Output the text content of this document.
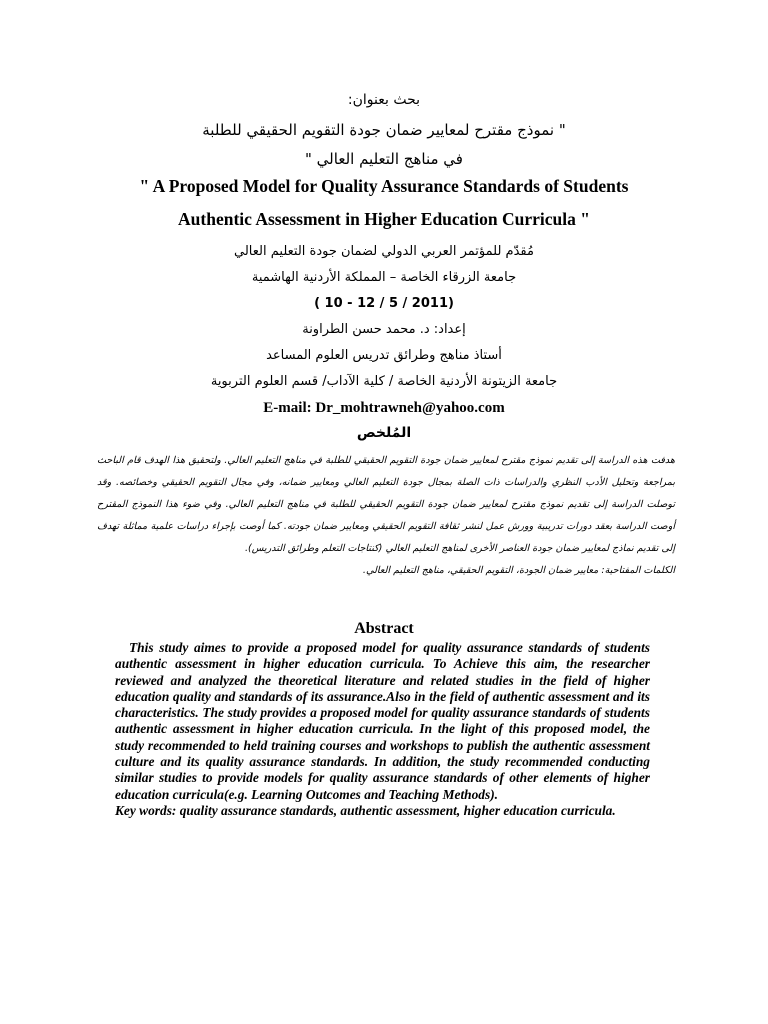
بحث بعنوان:
" نموذج مقترح لمعايير ضمان جودة التقويم الحقيقي للطلبة
في مناهج التعليم العالي "
" A Proposed Model for Quality Assurance Standards of Students
Authentic Assessment in Higher Education Curricula "
مُقدّم للمؤتمر العربي الدولي لضمان جودة التعليم العالي
جامعة الزرقاء الخاصة – المملكة الأردنية الهاشمية
( 10 - 12 / 5 / 2011)
إعداد: د. محمد حسن الطراونة
أستاذ مناهج وطرائق تدريس العلوم المساعد
جامعة الزيتونة الأردنية الخاصة / كلية الآداب/ قسم العلوم التربوية
E-mail: Dr_mohtrawneh@yahoo.com
المُلخص

هدفت هذه الدراسة إلى تقديم نموذج مقترح لمعايير ضمان جودة التقويم الحقيقي للطلبة في مناهج التعليم العالي. ولتحقيق هذا الهدف قام الباحث بمراجعة وتحليل الأدب النظري والدراسات ذات الصلة بمجال جودة التعليم العالي ومعايير ضمانه، وفي مجال التقويم الحقيقي وخصائصه. وقد توصلت الدراسة إلى تقديم نموذج مقترح لمعايير ضمان جودة التقويم الحقيقي للطلبة في مناهج التعليم العالي. وفي ضوء هذا النموذج المقترح أوصت الدراسة بعقد دورات تدريبية وورش عمل لنشر ثقافة التقويم الحقيقي ومعايير ضمان جودته. كما أوصت بإجراء دراسات علمية مماثلة تهدف إلى تقديم نماذج لمعايير ضمان جودة العناصر الأخرى لمناهج التعليم العالي (كنتاجات التعلم وطرائق التدريس).

الكلمات المفتاحية: معايير ضمان الجودة، التقويم الحقيقي، مناهج التعليم العالي.

Abstract

This study aimes to provide a proposed model for quality assurance standards of students authentic assessment in higher education curricula. To Achieve this aim, the researcher reviewed and analyzed the theoretical literature and related studies in the field of higher education quality and standards of its assurance.Also in the field of authentic assessment and its characteristics. The study provides a proposed model for quality assurance standards of students authentic assessment in higher education curricula. In the light of this proposed model, the study recommended to held training courses and workshops to publish the authentic assessment culture and its quality assurance standards. In addition, the study recommended conducting similar studies to provide models for quality assurance standards of other elements of higher education curricula(e.g. Learning Outcomes and Teaching Methods).

Key words: quality assurance standards, authentic assessment, higher education curricula.
